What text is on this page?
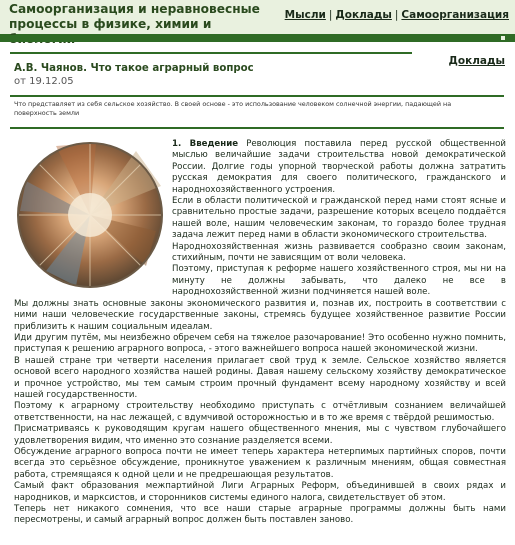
Самоорганизация и неравновесные процессы в физике, химии и
Мысли | Доклады | Самоорганизация
Доклады
А.В. Чаянов. Что такое аграрный вопрос
от 19.12.05
Что представляет из себя сельское хозяйство. В своей основе - это использование человеком солнечной энергии, падающей на поверхность земли

1. Введение Революция поставила перед русской общественной мыслью величайшие задачи строительства новой демократической России. Долгие годы упорной творческой работы должна затратить русская демократия для своего политического, гражданского и народнохозяйственного устроения.

Если в области политической и гражданской перед нами стоят ясные и сравнительно простые задачи, разрешение которых всецело поддаётся нашей воле, нашим человеческим законам, то гораздо более трудная задача лежит перед нами в области экономического строительства.

Народнохозяйственная жизнь развивается сообразно своим законам, стихийным, почти не зависящим от воли человека.

Поэтому, приступая к реформе нашего хозяйственного строя, мы ни на минуту не должны забывать, что далеко не все в народнохозяйственной жизни подчиняется нашей воле.

Мы должны знать основные законы экономического развития и, познав их, построить в соответствии с ними наши человеческие государственные законы, стремясь будущее хозяйственное развитие России приблизить к нашим социальным идеалам.

Иди другим путём, мы неизбежно обречем себя на тяжелое разочарование! Это особенно нужно помнить, приступая к решению аграрного вопроса, - этого важнейшего вопроса нашей экономической жизни.

В нашей стране три четверти населения прилагает свой труд к земле. Сельское хозяйство является основой всего народного хозяйства нашей родины. Давая нашему сельскому хозяйству демократическое и прочное устройство, мы тем самым строим прочный фундамент всему народному хозяйству и всей нашей государственности.

Поэтому к аграрному строительству необходимо приступать с отчётливым сознанием величайшей ответственности, на нас лежащей, с вдумчивой осторожностью и в то же время с твёрдой решимостью.

Присматриваясь к руководящим кругам нашего общественного мнения, мы с чувством глубочайшего удовлетворения видим, что именно это сознание разделяется всеми.

Обсуждение аграрного вопроса почти не имеет теперь характера нетерпимых партийных споров, почти всегда это серьёзное обсуждение, проникнутое уважением к различным мнениям, общая совместная работа, стремящаяся к одной цели и не предрешающая результатов.

Самый факт образования межпартийной Лиги Аграрных Реформ, объединившей в своих рядах и народников, и марксистов, и сторонников системы единого налога, свидетельствует об этом.

Теперь нет никакого сомнения, что все наши старые аграрные программы должны быть нами пересмотрены, и самый аграрный вопрос должен быть поставлен заново.
